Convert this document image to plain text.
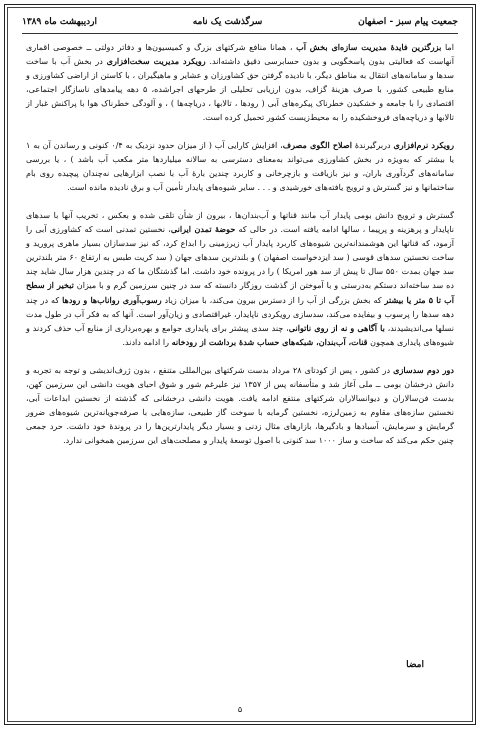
جمعیت پیام سبز - اصفهان
سرگذشت یک نامه
اردیبهشت ماه ۱۳۸۹

اما بزرگترین فایدۀ مدیریت سازه‌ای بخش آب ، همانا منافع شرکتهای بزرگ و کمیسیون‌ها و دفاتر دولتی ــ خصوصی اقماری آنهاست که فعالیتی بدون پاسخگویی و بدون حسابرسی دقیق داشته‌اند. رویکرد مدیریت سخت‌افزاری در بخش آب با ساخت سدها و سامانه‌های انتقال به مناطق دیگر، با نادیده گرفتن حق کشاورزان و عشایر و ماهیگیران ، با کاستن از اراضی کشاورزی و منابع طبیعی کشور، با صرف هزینۀ گزاف، بدون ارزیابی تحلیلی از طرحهای اجراشده، ۵ دهه پیامدهای ناسازگار اجتماعی، اقتصادی را با جامعه و خشکیدن خطرناک پیکره‌های آبی ( رودها ، تالابها ، دریاچه‌ها ) ، و آلودگی خطرناک هوا با پراکنش غبار از تالابها و دریاچه‌های فروخشکیده را به محیط‌زیست کشور تحمیل کرده است.

رویکرد نرم‌افزاری دربرگیرندۀ اصلاح الگوی مصرف، افزایش کارایی آب ( از میزان حدود نزدیک به ۰/۴ کنونی و رساندن آن به ۱ یا بیشتر که به‌ویژه در بخش کشاورزی می‌تواند به‌معنای دسترسی به سالانه میلیاردها متر مکعب آب باشد ) ، یا بررسی سامانه‌های گردآوری باران، و نیز بازیافت و بازچرخانی و کاربرد چندین بارۀ آب با نصب ابزارهایی نه‌چندان پیچیده روی بام ساختمانها و نیز گسترش و ترویج یافته‌های خورشیدی و . . . سایر شیوه‌های پایدار تأمین آب و برق نادیده مانده است.

گسترش و ترویج دانش بومی پایدار آب مانند قناتها و آب‌بندان‌ها ، بیرون از شأن تلقی شده و بعکس ، تخریب آنها با سدهای ناپایدار و پرهزینه و پرپیما ، سالها ادامه یافته است. در حالی که حوضۀ تمدن ایرانی، نخستین تمدنی است که کشاورزی آبی را آزمود، که قناتها این هوشمندانه‌ترین شیوه‌های کاربرد پایدار آب زیرزمینی را ابداع کرد، که نیز سدسازان بسیار ماهری پرورید و ساخت نخستین سدهای قوسی ( سد ایزدخواست اصفهان ) و بلندترین سدهای جهان ( سد کریت طبس به ارتفاع ۶۰ متر بلندترین سد جهان بمدت ۵۵۰ سال تا پیش از سد هور امریکا ) را در پرونده خود داشت. اما گذشتگان ما که در چندین هزار سال شاید چند ده سد ساخته‌اند دستکم به‌درستی و با آموختن از گذشت روزگار دانسته که سد در چنین سرزمین گرم و با میزان تبخیر از سطح آب تا ۵ متر یا بیشتر که بخش بزرگی از آب را از دسترس بیرون می‌کند، با میزان زیاد رسوب‌آوری رواناب‌ها و رودها که در چند دهه سدها را پرسوب و بیفایده می‌کند، سدسازی رویکردی ناپایدار، غیراقتصادی و زیان‌آور است. آنها که به فکر آب در طول مدت نسلها می‌اندیشیدند، با آگاهی و نه از روی ناتوانی، چند سدی پیشتر برای پایداری جوامع و بهره‌برداری از منابع آب حذف کردند و شیوه‌های پایداری همچون قنات، آب‌بندان، شبکه‌های حساب شدۀ برداشت از رودخانه را ادامه دادند.

دور دوم سدسازی در کشور ، پس از کودتای ۲۸ مرداد بدست شرکتهای بین‌المللی متنفع ، بدون ژرف‌اندیشی و توجه به تجربه و دانش درخشان بومی ــ ملی آغاز شد و متأسفانه پس از ۱۳۵۷ نیز علیرغم شور و شوق احیای هویت دانشی این سرزمین کهن، بدست فن‌سالاران و دیوانسالاران شرکتهای منتفع ادامه یافت. هویت دانشی درخشانی که گذشته از نخستین ابداعات آبی، نخستین سازه‌های مقاوم به زمین‌لرزه، نخستین گرمابه با سوخت گاز طبیعی، سازه‌هایی با صرفه‌جویانه‌ترین شیوه‌های ضرور گرمایش و سرمایش، آسبادها و بادگیرها، بازارهای مثال زدنی و بسیار دیگر پایدارترین‌ها را در پروندۀ خود داشت. حرد جمعی چنین حکم می‌کند که ساخت و ساز ۱۰۰۰ سد کنونی با اصول توسعۀ پایدار و مصلحت‌های این سرزمین همخوانی ندارد.

امضا
۵
